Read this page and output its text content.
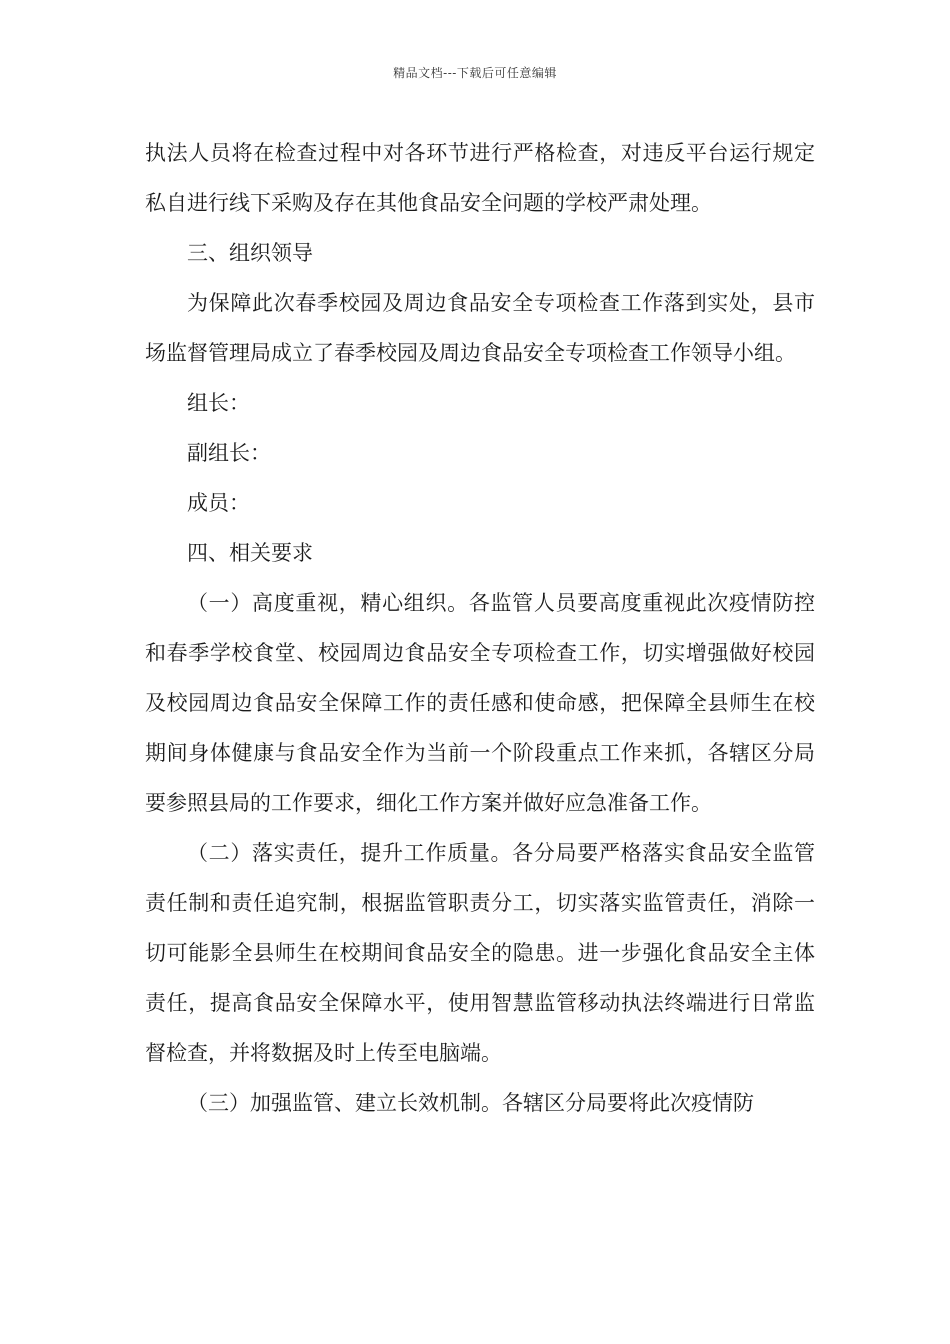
精品文档---下载后可任意编辑

执法人员将在检查过程中对各环节进行严格检查，对违反平台运行规定私自进行线下采购及存在其他食品安全问题的学校严肃处理。

三、组织领导

为保障此次春季校园及周边食品安全专项检查工作落到实处，县市场监督管理局成立了春季校园及周边食品安全专项检查工作领导小组。

组长：

副组长：

成员：

四、相关要求

（一）高度重视，精心组织。各监管人员要高度重视此次疫情防控和春季学校食堂、校园周边食品安全专项检查工作，切实增强做好校园及校园周边食品安全保障工作的责任感和使命感，把保障全县师生在校期间身体健康与食品安全作为当前一个阶段重点工作来抓，各辖区分局要参照县局的工作要求，细化工作方案并做好应急准备工作。

（二）落实责任，提升工作质量。各分局要严格落实食品安全监管责任制和责任追究制，根据监管职责分工，切实落实监管责任，消除一切可能影全县师生在校期间食品安全的隐患。进一步强化食品安全主体责任，提高食品安全保障水平，使用智慧监管移动执法终端进行日常监督检查，并将数据及时上传至电脑端。

（三）加强监管、建立长效机制。各辖区分局要将此次疫情防
